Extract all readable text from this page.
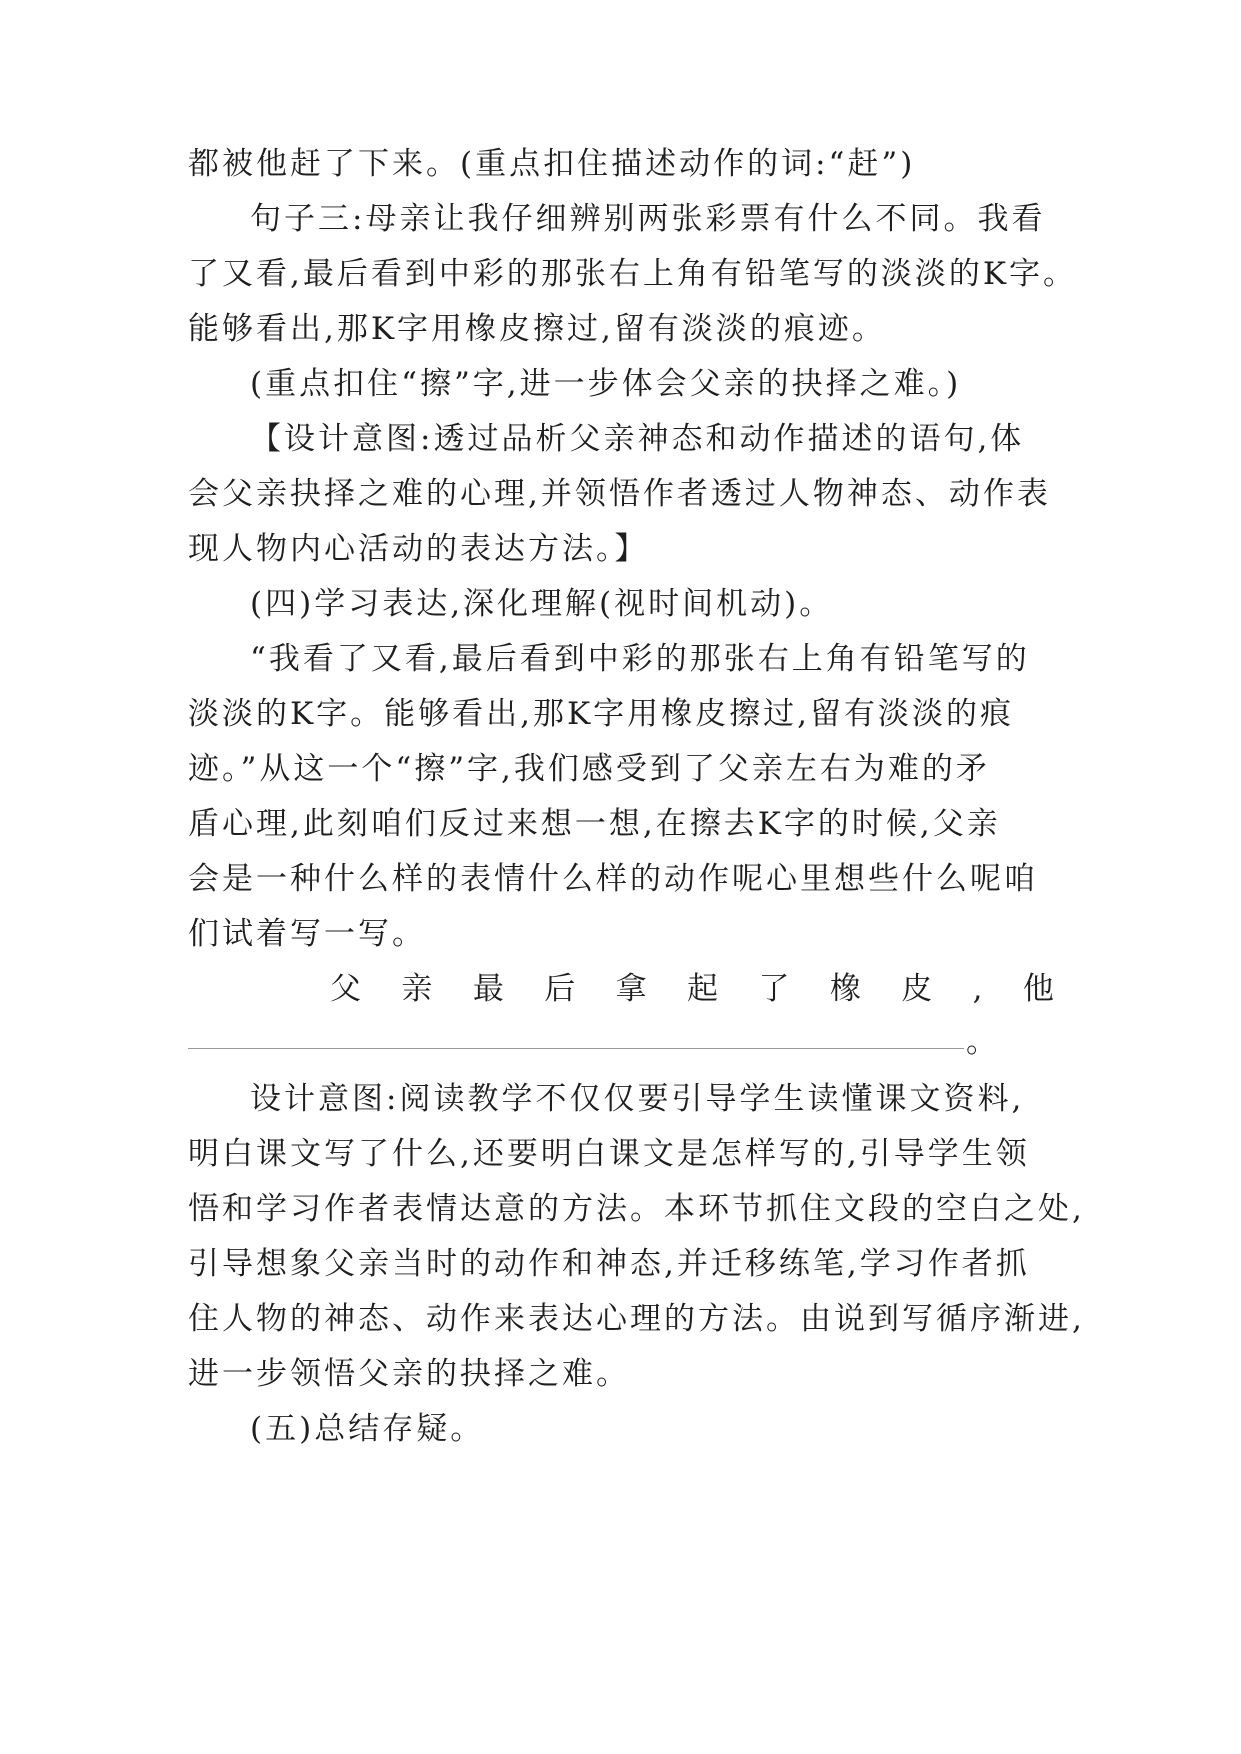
都被他赶了下来。(重点扣住描述动作的词:“赶”)
句子三:母亲让我仔细辨别两张彩票有什么不同。我看
了又看,最后看到中彩的那张右上角有铅笔写的淡淡的K字。
能够看出,那K字用橡皮擦过,留有淡淡的痕迹。
(重点扣住“擦”字,进一步体会父亲的抉择之难。)
【设计意图:透过品析父亲神态和动作描述的语句,体
会父亲抉择之难的心理,并领悟作者透过人物神态、动作表
现人物内心活动的表达方法。】
(四)学习表达,深化理解(视时间机动)。
“我看了又看,最后看到中彩的那张右上角有铅笔写的
淡淡的K字。能够看出,那K字用橡皮擦过,留有淡淡的痕
迹。”从这一个“擦”字,我们感受到了父亲左右为难的矛
盾心理,此刻咱们反过来想一想,在擦去K字的时候,父亲
会是一种什么样的表情什么样的动作呢心里想些什么呢咱
们试着写一写。
父 亲 最 后 拿 起 了 橡 皮 , 他
。
设计意图:阅读教学不仅仅要引导学生读懂课文资料,
明白课文写了什么,还要明白课文是怎样写的,引导学生领
悟和学习作者表情达意的方法。本环节抓住文段的空白之处,
引导想象父亲当时的动作和神态,并迁移练笔,学习作者抓
住人物的神态、动作来表达心理的方法。由说到写循序渐进,
进一步领悟父亲的抉择之难。
(五)总结存疑。
